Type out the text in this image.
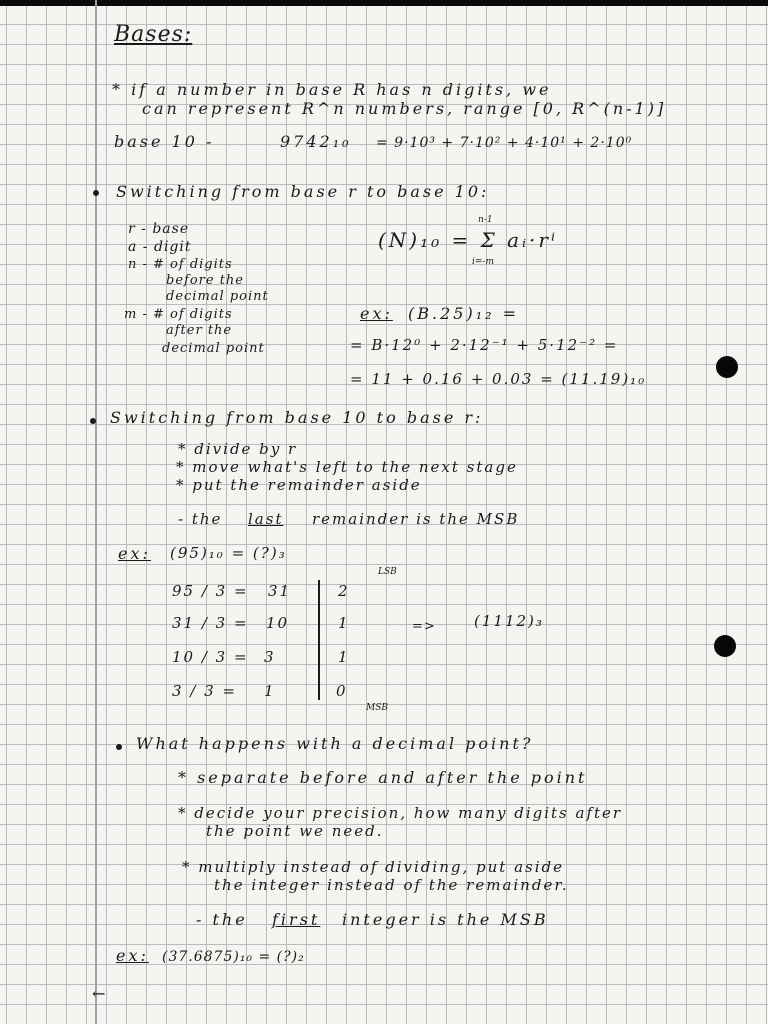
Bases:
* if a number in base R has n digits, we
can represent R^n numbers, range [0, R^(n-1)]
base 10 -	9742₁₀ = 9·10³ + 7·10² + 4·10¹ + 2·10⁰
Switching from base r to base 10:
r - base
a - digit
n - # of digits
before the
decimal point
m - # of digits
after the
decimal point
n-1
(N)₁₀ = Σ aᵢ·rⁱ
i=-m
ex: (B.25)₁₂ =
= B·12⁰ + 2·12⁻¹ + 5·12⁻² =
= 11 + 0.16 + 0.03 = (11.19)₁₀
Switching from base 10 to base r:
* divide by r
* move what's left to the next stage
* put the remainder aside
- the last remainder is the MSB
ex: (95)₁₀ = (?)₃
LSB
95 / 3 = 31	2
31 / 3 = 10	1
10 / 3 = 3	1
3 / 3 = 1	0
MSB
=>	(1112)₃
What happens with a decimal point?
* separate before and after the point
* decide your precision, how many digits after
the point we need.
* multiply instead of dividing, put aside
the integer instead of the remainder.
- the first integer is the MSB
ex: (37.6875)₁₀ = (?)₂
←
